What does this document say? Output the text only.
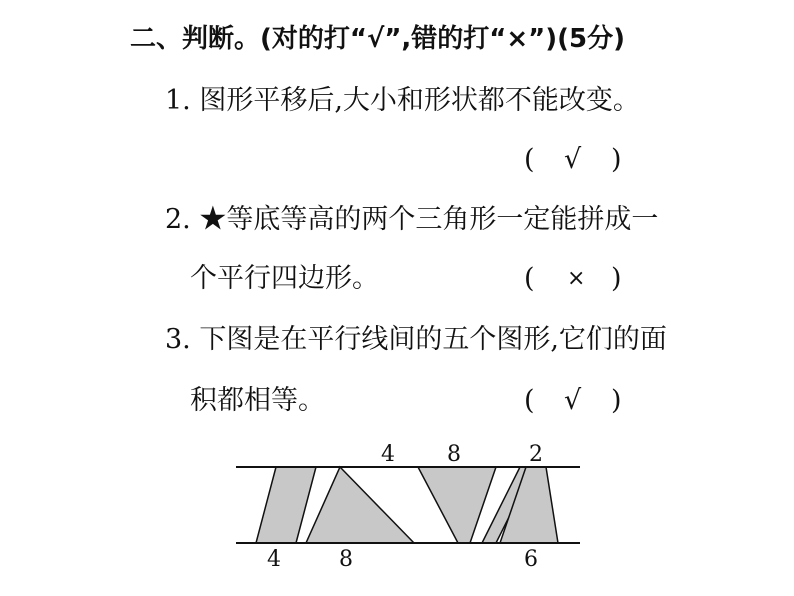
二、判断。(对的打“√”,错的打“×”)(5分)
1. 图形平移后,大小和形状都不能改变。
( √ )
2. ★等底等高的两个三角形一定能拼成一
个平行四边形。	( × )
3. 下图是在平行线间的五个图形,它们的面
积都相等。	( √ )
4 8	2
4	8	6
